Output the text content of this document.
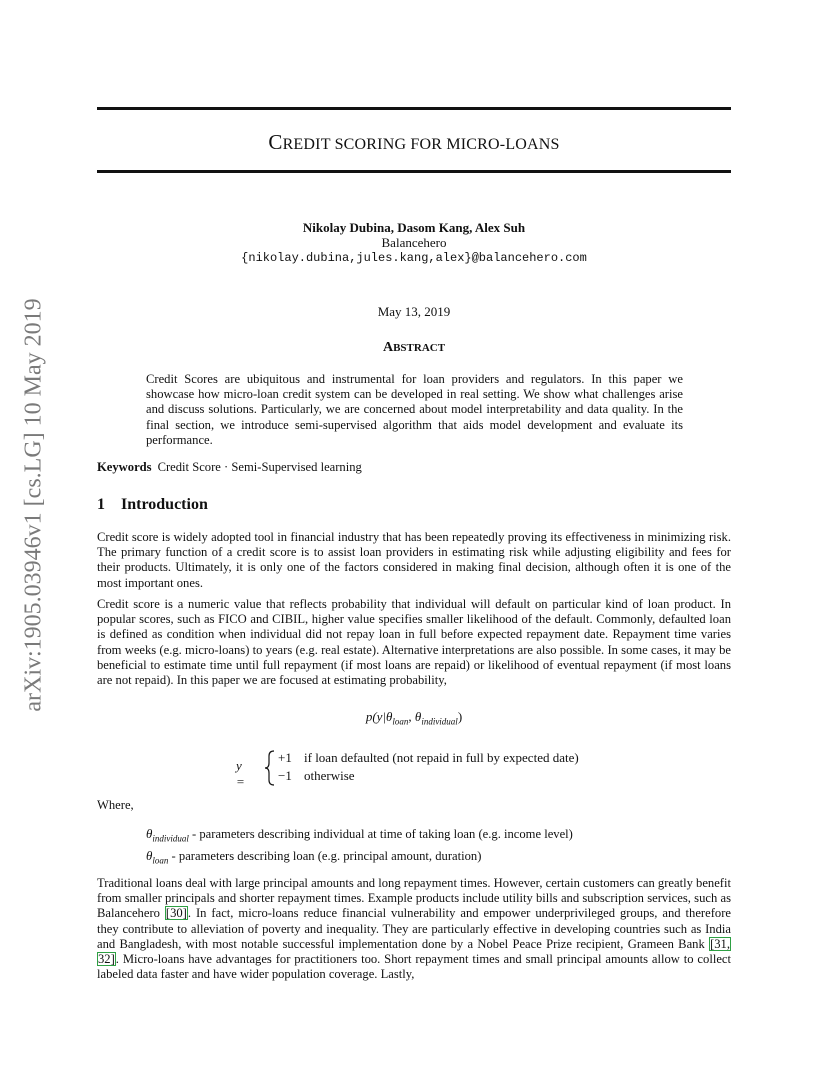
arXiv:1905.03946v1 [cs.LG] 10 May 2019
CREDIT SCORING FOR MICRO-LOANS
Nikolay Dubina, Dasom Kang, Alex Suh
Balancehero
{nikolay.dubina,jules.kang,alex}@balancehero.com
May 13, 2019
ABSTRACT
Credit Scores are ubiquitous and instrumental for loan providers and regulators. In this paper we showcase how micro-loan credit system can be developed in real setting. We show what challenges arise and discuss solutions. Particularly, we are concerned about model interpretability and data quality. In the final section, we introduce semi-supervised algorithm that aids model development and evaluate its performance.
Keywords Credit Score · Semi-Supervised learning
1 Introduction
Credit score is widely adopted tool in financial industry that has been repeatedly proving its effectiveness in minimizing risk. The primary function of a credit score is to assist loan providers in estimating risk while adjusting eligibility and fees for their products. Ultimately, it is only one of the factors considered in making final decision, although often it is one of the most important ones.
Credit score is a numeric value that reflects probability that individual will default on particular kind of loan product. In popular scores, such as FICO and CIBIL, higher value specifies smaller likelihood of the default. Commonly, defaulted loan is defined as condition when individual did not repay loan in full before expected repayment date. Repayment time varies from weeks (e.g. micro-loans) to years (e.g. real estate). Alternative interpretations are also possible. In some cases, it may be beneficial to estimate time until full repayment (if most loans are repaid) or likelihood of eventual repayment (if most loans are not repaid). In this paper we are focused at estimating probability,
$p(y|\theta_{loan}$, $\theta_{individual}$)
y =
+1 if loan defaulted (not repaid in full by expected date)
−1 otherwise
Where,
$\theta_{individual}$ - parameters describing individual at time of taking loan (e.g. income level)
$\theta_{loan}$ - parameters describing loan (e.g. principal amount, duration)
Traditional loans deal with large principal amounts and long repayment times. However, certain customers can greatly benefit from smaller principals and shorter repayment times. Example products include utility bills and subscription services, such as Balancehero [30]. In fact, micro-loans reduce financial vulnerability and empower underprivileged groups, and therefore they contribute to alleviation of poverty and inequality. They are particularly effective in developing countries such as India and Bangladesh, with most notable successful implementation done by a Nobel Peace Prize recipient, Grameen Bank [31, 32]. Micro-loans have advantages for practitioners too. Short repayment times and small principal amounts allow to collect labeled data faster and have wider population coverage. Lastly,
